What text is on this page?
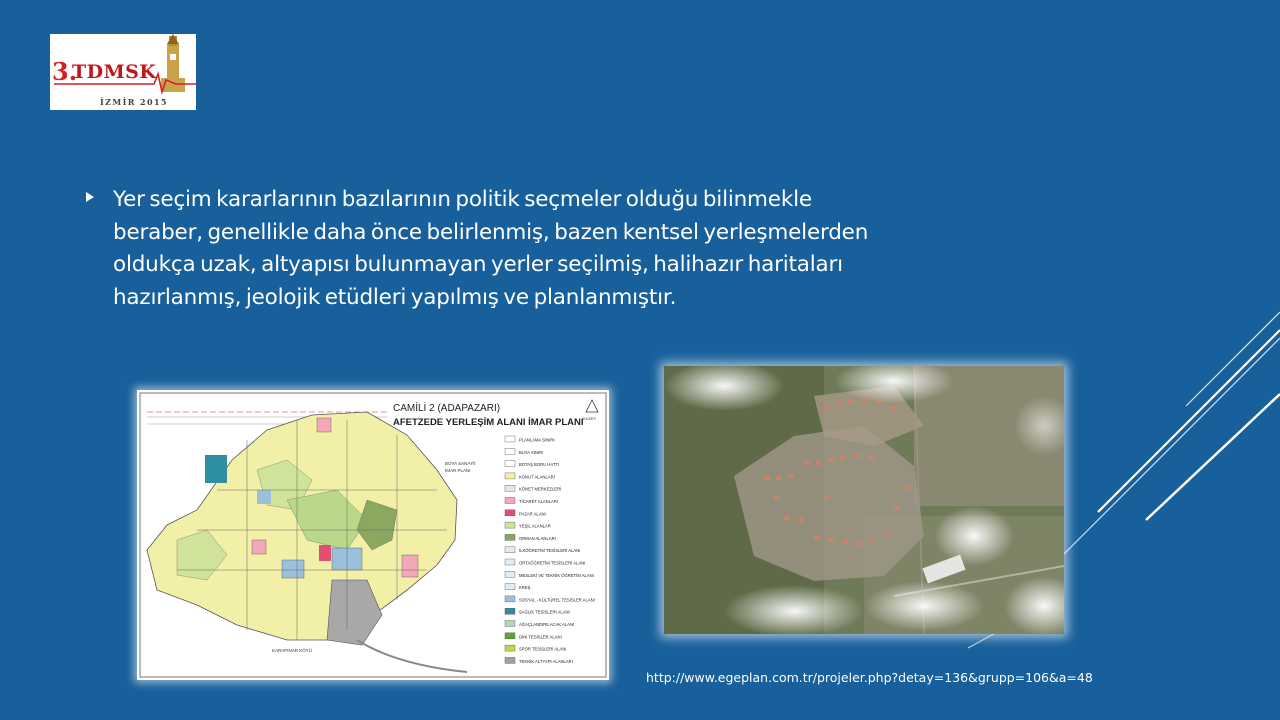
3.
TDMSK
İZMİR 2015

Yer seçim kararlarının bazılarının politik seçmeler olduğu bilinmekle beraber, genellikle daha önce belirlenmiş, bazen kentsel yerleşmelerden oldukça uzak, altyapısı bulunmayan yerler seçilmiş, halihazır haritaları hazırlanmış, jeolojik etüdleri yapılmış ve planlanmıştır.

CAMİLİ 2 (ADAPAZARI)
AFETZEDE YERLEŞİM ALANI İMAR PLANI KUZEY
BOYA SANAYİİ
İMAR PLANI
KARAPINAR KÖYÜ
PLANLAMA SINIRI
BUYA SINIRI
BOTAŞ BORU HATTI
KONUT ALANLARI
KÖNET MERKEZLERİ
TİCARET ALANLARI
PAZAR ALANI
YEŞİL ALANLAR
ORMAN ALANLARI
İLKÖĞRETİM TESİSLERİ ALANI
ORTAÖĞRETİM TESİSLERİ ALANI
MESLEKİ VE TEKNİK ÖĞRETİM ALANI
KREŞ
SOSYAL - KÜLTÜREL TESİSLER ALANI
SAĞLIK TESİSLERİ ALANI
AĞAÇLANDIRILACAK ALANI
DİNİ TESİSLER ALANI
SPOR TESİSLERİ ALANI
TEKNİK ALTYAPI ALANLARI
http://www.egeplan.com.tr/projeler.php?detay=136&grupp=106&a=48
